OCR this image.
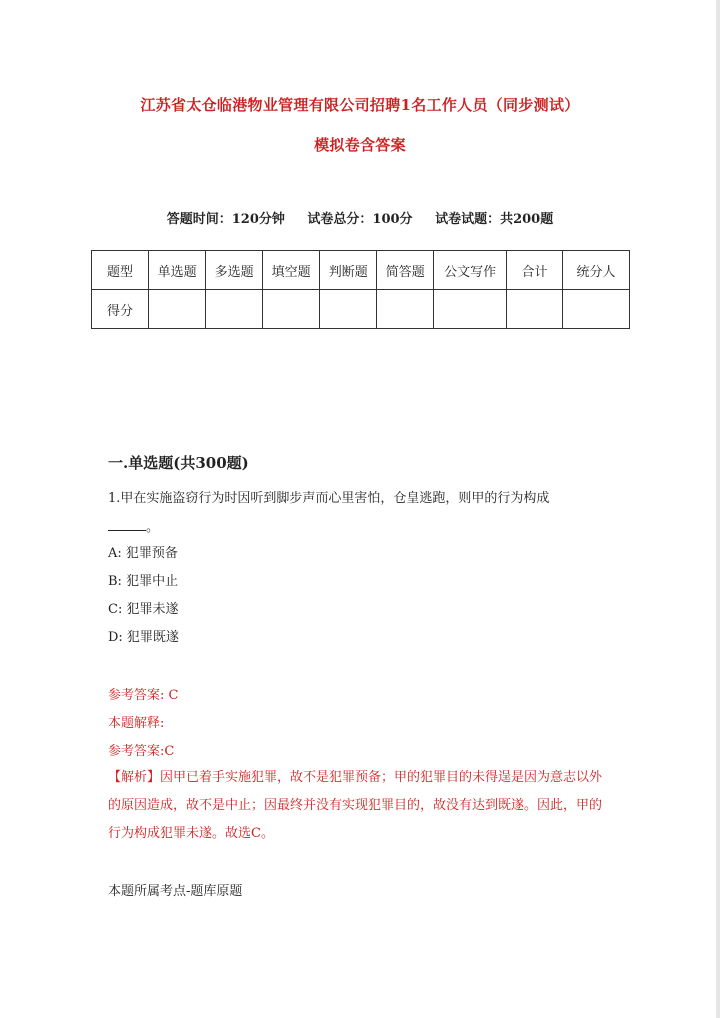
江苏省太仓临港物业管理有限公司招聘1名工作人员（同步测试）
模拟卷含答案
答题时间：120分钟 试卷总分：100分 试卷试题：共200题
题型	单选题	多选题	填空题	判断题	简答题	公文写作	合计	统分人
得分								
一.单选题(共300题)
1.甲在实施盗窃行为时因听到脚步声而心里害怕，仓皇逃跑，则甲的行为构成
。
A: 犯罪预备
B: 犯罪中止
C: 犯罪未遂
D: 犯罪既遂
参考答案: C
本题解释:
参考答案:C
【解析】因甲已着手实施犯罪，故不是犯罪预备；甲的犯罪目的未得逞是因为意志以外的原因造成，故不是中止；因最终并没有实现犯罪目的，故没有达到既遂。因此，甲的行为构成犯罪未遂。故选C。
本题所属考点-题库原题
